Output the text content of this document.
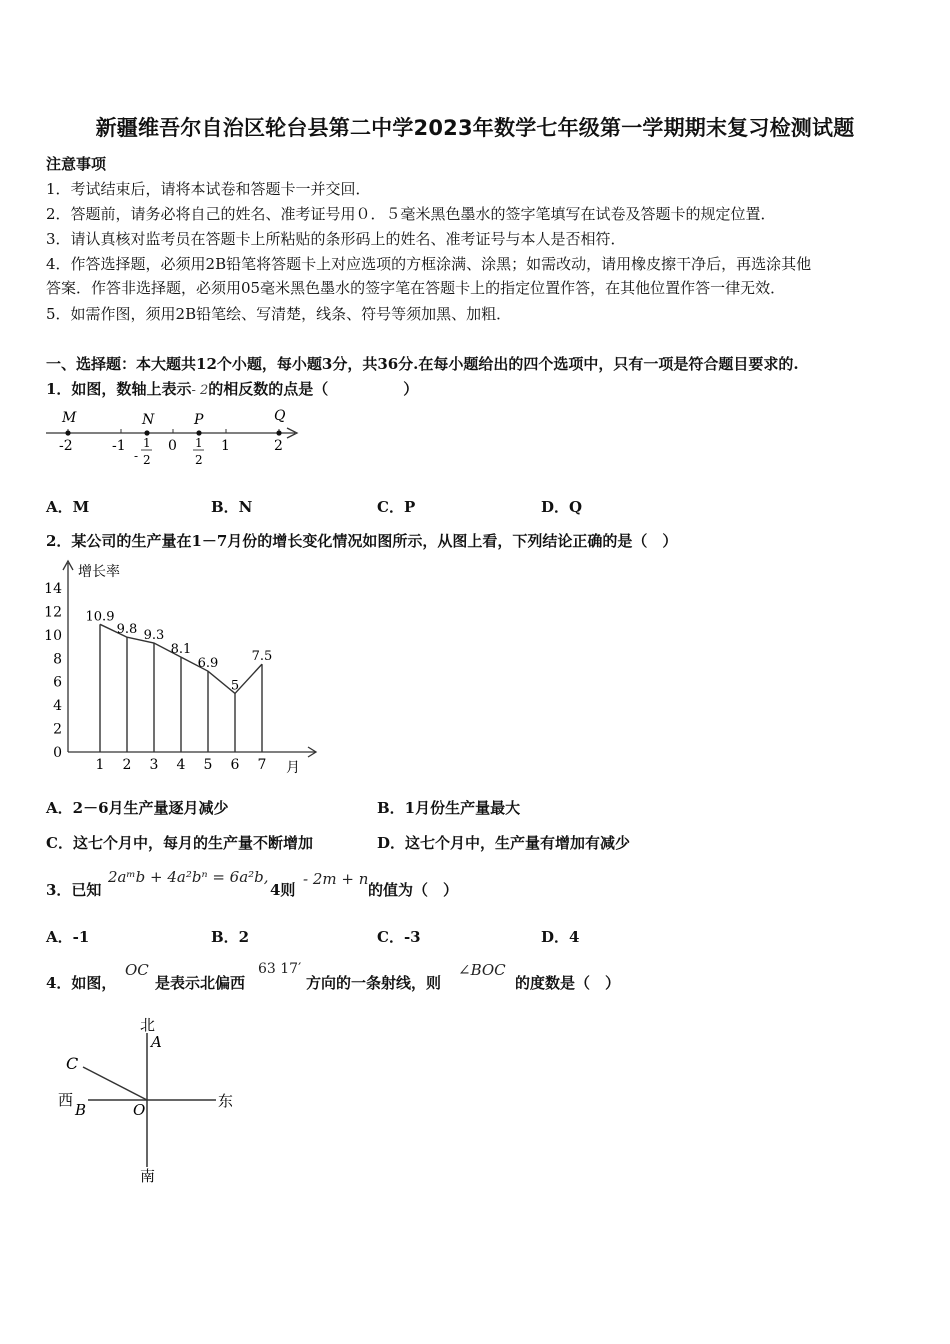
新疆维吾尔自治区轮台县第二中学2023年数学七年级第一学期期末复习检测试题
注意事项
1．考试结束后，请将本试卷和答题卡一并交回．
2．答题前，请务必将自己的姓名、准考证号用０．５毫米黑色墨水的签字笔填写在试卷及答题卡的规定位置．
3．请认真核对监考员在答题卡上所粘贴的条形码上的姓名、准考证号与本人是否相符．
4．作答选择题，必须用2B铅笔将答题卡上对应选项的方框涂满、涂黑；如需改动，请用橡皮擦干净后，再选涂其他
答案．作答非选择题，必须用05毫米黑色墨水的签字笔在答题卡上的指定位置作答，在其他位置作答一律无效．
5．如需作图，须用2B铅笔绘、写清楚，线条、符号等须加黑、加粗．
一、选择题：本大题共12个小题，每小题3分，共36分.在每小题给出的四个选项中，只有一项是符合题目要求的.
1．如图，数轴上表示- 2的相反数的点是（　　　　　）
M	N	P	Q
-2	-1	0	1	2
-
1
2
1
2
A．M	B．N	C．P	D．Q
2．某公司的生产量在1－7月份的增长变化情况如图所示，从图上看，下列结论正确的是（　）
增长率
月
0
2
4
6
8
10
12
14
1
10.9
2
9.8
3
9.3
4
8.1
5
6.9
6
5
7
7.5
A．2－6月生产量逐月减少	B．1月份生产量最大
C．这七个月中，每月的生产量不断增加	D．这七个月中，生产量有增加有减少
3．已知
2aᵐb + 4a²bⁿ = 6a²b,
4则
- 2m + n
的值为（　）
A．-1	B．2	C．-3	D．4
4．如图，
OC
是表示北偏西
63 17′
方向的一条射线，则
∠BOC
的度数是（　）
北
A
C
西
B	O	东
南
